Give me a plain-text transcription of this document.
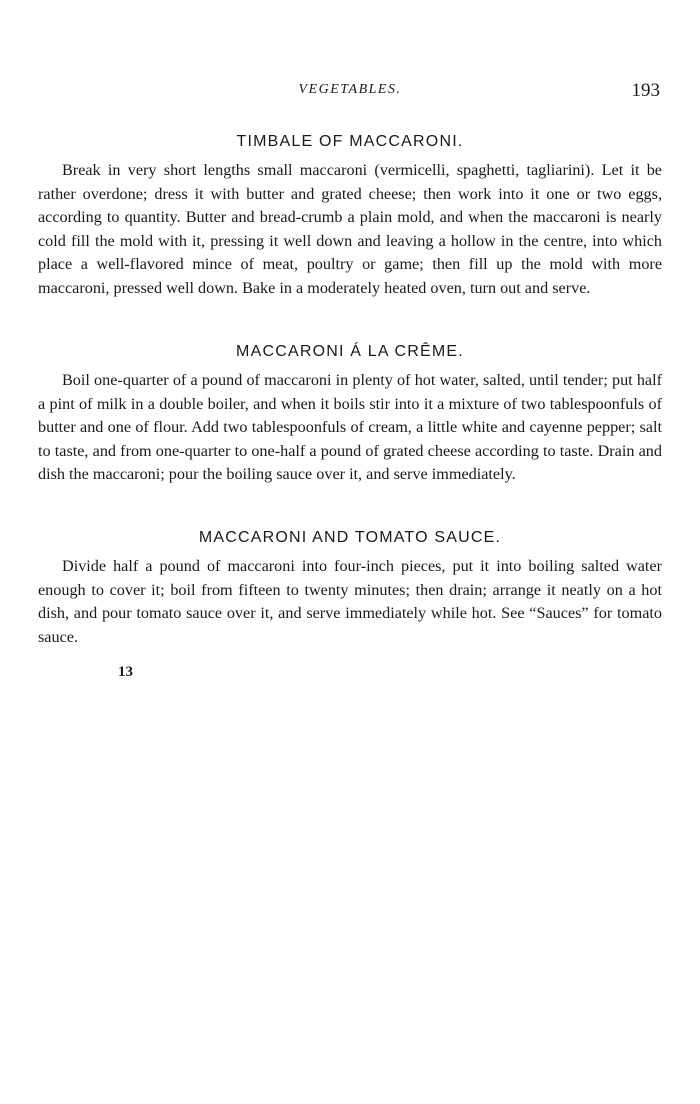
VEGETABLES.	193
TIMBALE OF MACCARONI.

Break in very short lengths small maccaroni (vermicelli, spaghetti, tagliarini). Let it be rather overdone; dress it with butter and grated cheese; then work into it one or two eggs, according to quantity. Butter and bread-crumb a plain mold, and when the maccaroni is nearly cold fill the mold with it, pressing it well down and leaving a hollow in the centre, into which place a well-flavored mince of meat, poultry or game; then fill up the mold with more maccaroni, pressed well down. Bake in a moderately heated oven, turn out and serve.

MACCARONI Á LA CRÊME.

Boil one-quarter of a pound of maccaroni in plenty of hot water, salted, until tender; put half a pint of milk in a double boiler, and when it boils stir into it a mixture of two tablespoonfuls of butter and one of flour. Add two tablespoonfuls of cream, a little white and cayenne pepper; salt to taste, and from one-quarter to one-half a pound of grated cheese according to taste. Drain and dish the maccaroni; pour the boiling sauce over it, and serve immediately.

MACCARONI AND TOMATO SAUCE.

Divide half a pound of maccaroni into four-inch pieces, put it into boiling salted water enough to cover it; boil from fifteen to twenty minutes; then drain; arrange it neatly on a hot dish, and pour tomato sauce over it, and serve immediately while hot. See “Sauces” for tomato sauce.

13
